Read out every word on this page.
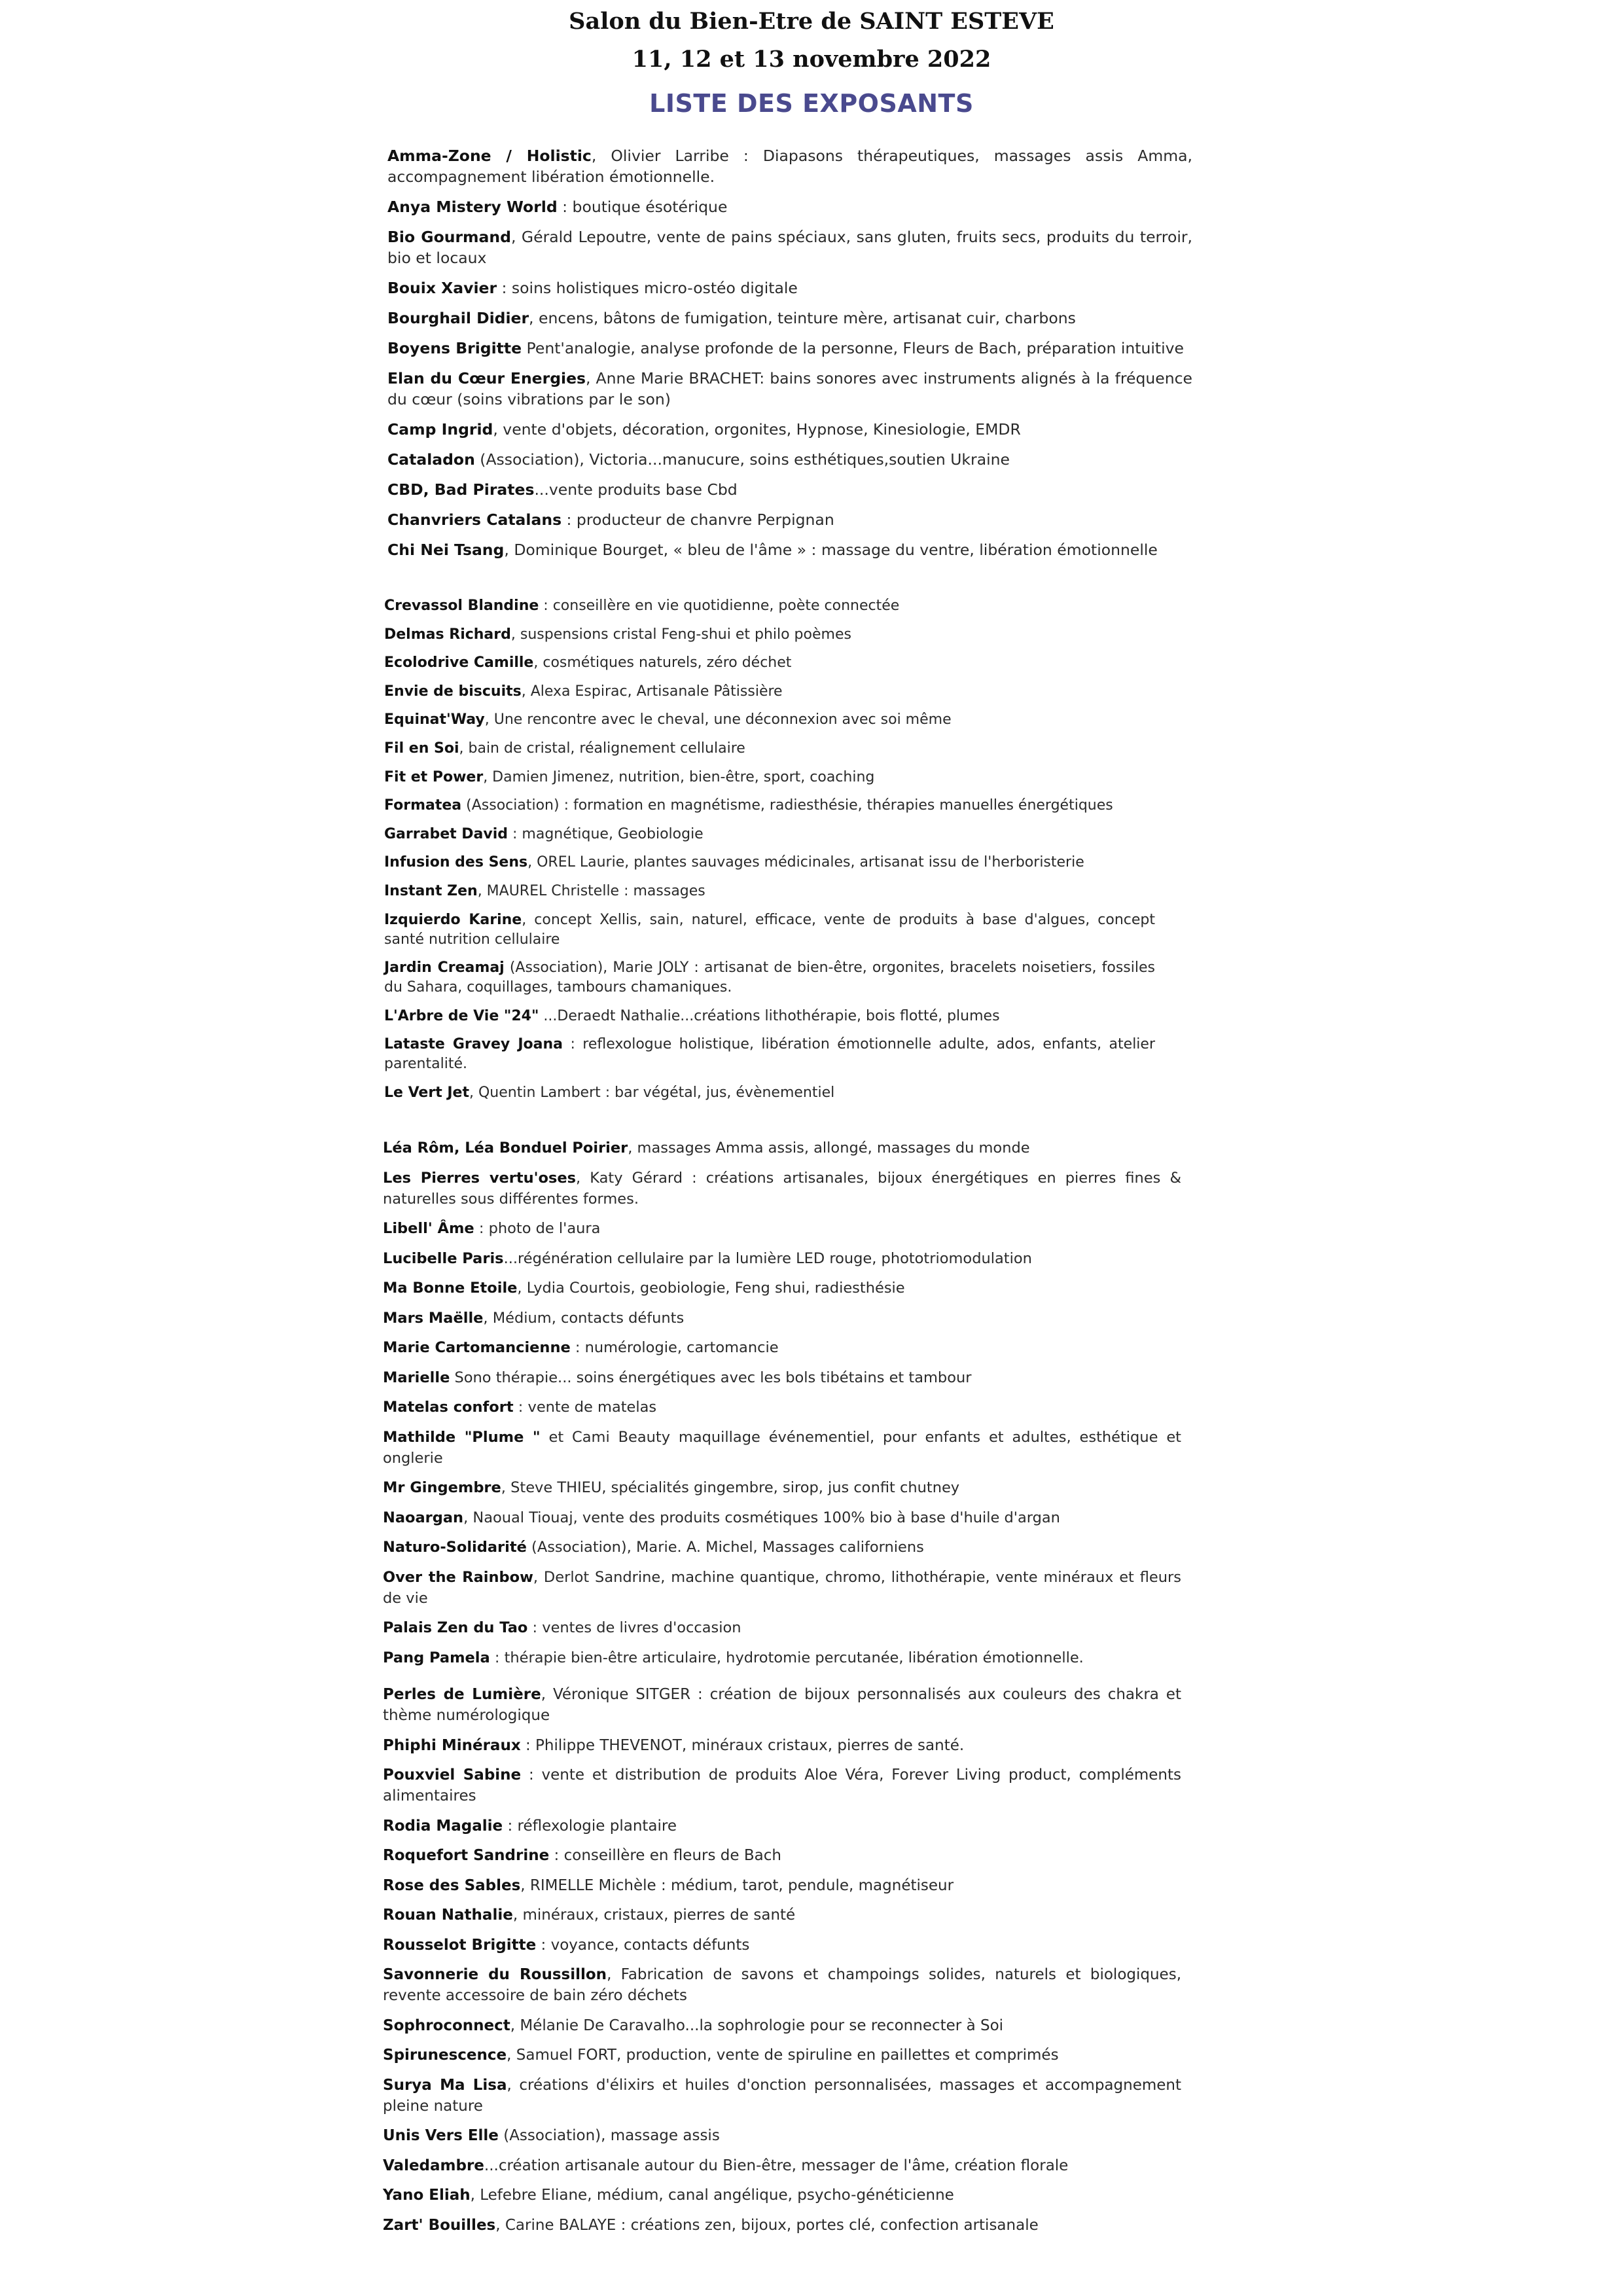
Salon du Bien-Etre de SAINT ESTEVE
11, 12 et 13 novembre 2022
LISTE DES EXPOSANTS
Amma-Zone / Holistic, Olivier Larribe : Diapasons thérapeutiques, massages assis Amma, accompagnement libération émotionnelle.
Anya Mistery World : boutique ésotérique
Bio Gourmand, Gérald Lepoutre, vente de pains spéciaux, sans gluten, fruits secs, produits du terroir, bio et locaux
Bouix Xavier : soins holistiques micro-ostéo digitale
Bourghail Didier, encens, bâtons de fumigation, teinture mère, artisanat cuir, charbons
Boyens Brigitte Pent'analogie, analyse profonde de la personne, Fleurs de Bach, préparation intuitive
Elan du Cœur Energies, Anne Marie BRACHET: bains sonores avec instruments alignés à la fréquence du cœur (soins vibrations par le son)
Camp Ingrid, vente d'objets, décoration, orgonites, Hypnose, Kinesiologie, EMDR
Cataladon (Association), Victoria...manucure, soins esthétiques,soutien Ukraine
CBD, Bad Pirates...vente produits base Cbd
Chanvriers Catalans : producteur de chanvre Perpignan
Chi Nei Tsang, Dominique Bourget, « bleu de l'âme » : massage du ventre, libération émotionnelle
Crevassol Blandine : conseillère en vie quotidienne, poète connectée
Delmas Richard, suspensions cristal Feng-shui et philo poèmes
Ecolodrive Camille, cosmétiques naturels, zéro déchet
Envie de biscuits, Alexa Espirac, Artisanale Pâtissière
Equinat'Way, Une rencontre avec le cheval, une déconnexion avec soi même
Fil en Soi, bain de cristal, réalignement cellulaire
Fit et Power, Damien Jimenez, nutrition, bien-être, sport, coaching
Formatea (Association) : formation en magnétisme, radiesthésie, thérapies manuelles énergétiques
Garrabet David : magnétique, Geobiologie
Infusion des Sens, OREL Laurie, plantes sauvages médicinales, artisanat issu de l'herboristerie
Instant Zen, MAUREL Christelle : massages
Izquierdo Karine, concept Xellis, sain, naturel, efficace, vente de produits à base d'algues, concept santé nutrition cellulaire
Jardin Creamaj (Association), Marie JOLY : artisanat de bien-être, orgonites, bracelets noisetiers, fossiles du Sahara, coquillages, tambours chamaniques.
L'Arbre de Vie "24" ...Deraedt Nathalie...créations lithothérapie, bois flotté, plumes
Lataste Gravey Joana : reflexologue holistique, libération émotionnelle adulte, ados, enfants, atelier parentalité.
Le Vert Jet, Quentin Lambert : bar végétal, jus, évènementiel
Léa Rôm, Léa Bonduel Poirier, massages Amma assis, allongé, massages du monde
Les Pierres vertu'oses, Katy Gérard : créations artisanales, bijoux énergétiques en pierres fines & naturelles sous différentes formes.
Libell' Âme : photo de l'aura
Lucibelle Paris...régénération cellulaire par la lumière LED rouge, phototriomodulation
Ma Bonne Etoile, Lydia Courtois, geobiologie, Feng shui, radiesthésie
Mars Maëlle, Médium, contacts défunts
Marie Cartomancienne : numérologie, cartomancie
Marielle Sono thérapie... soins énergétiques avec les bols tibétains et tambour
Matelas confort : vente de matelas
Mathilde "Plume " et Cami Beauty maquillage événementiel, pour enfants et adultes, esthétique et onglerie
Mr Gingembre, Steve THIEU, spécialités gingembre, sirop, jus confit chutney
Naoargan, Naoual Tiouaj, vente des produits cosmétiques 100% bio à base d'huile d'argan
Naturo-Solidarité (Association), Marie. A. Michel, Massages californiens
Over the Rainbow, Derlot Sandrine, machine quantique, chromo, lithothérapie, vente minéraux et fleurs de vie
Palais Zen du Tao : ventes de livres d'occasion
Pang Pamela : thérapie bien-être articulaire, hydrotomie percutanée, libération émotionnelle.
Perles de Lumière, Véronique SITGER : création de bijoux personnalisés aux couleurs des chakra et thème numérologique
Phiphi Minéraux : Philippe THEVENOT, minéraux cristaux, pierres de santé.
Pouxviel Sabine : vente et distribution de produits Aloe Véra, Forever Living product, compléments alimentaires
Rodia Magalie : réflexologie plantaire
Roquefort Sandrine : conseillère en fleurs de Bach
Rose des Sables, RIMELLE Michèle : médium, tarot, pendule, magnétiseur
Rouan Nathalie, minéraux, cristaux, pierres de santé
Rousselot Brigitte : voyance, contacts défunts
Savonnerie du Roussillon, Fabrication de savons et champoings solides, naturels et biologiques, revente accessoire de bain zéro déchets
Sophroconnect, Mélanie De Caravalho...la sophrologie pour se reconnecter à Soi
Spirunescence, Samuel FORT, production, vente de spiruline en paillettes et comprimés
Surya Ma Lisa, créations d'élixirs et huiles d'onction personnalisées, massages et accompagnement pleine nature
Unis Vers Elle (Association), massage assis
Valedambre...création artisanale autour du Bien-être, messager de l'âme, création florale
Yano Eliah, Lefebre Eliane, médium, canal angélique, psycho-généticienne
Zart' Bouilles, Carine BALAYE : créations zen, bijoux, portes clé, confection artisanale
